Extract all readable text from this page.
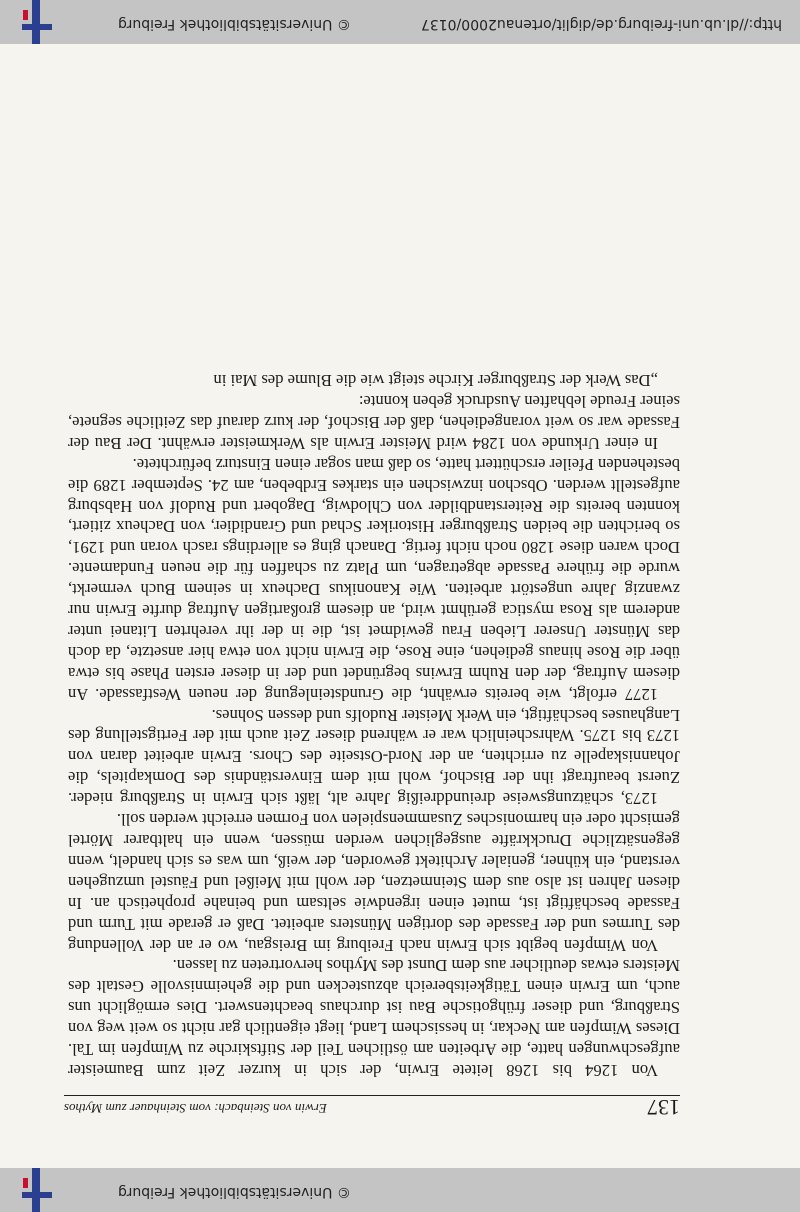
© Universitätsbibliothek Freiburg
137
Erwin von Steinbach: vom Steinhauer zum Mythos

Von 1264 bis 1268 leitete Erwin, der sich in kurzer Zeit zum Baumeister aufgeschwungen hatte, die Arbeiten am östlichen Teil der Stiftskirche zu Wimpfen im Tal. Dieses Wimpfen am Neckar, in hessischem Land, liegt eigentlich gar nicht so weit weg von Straßburg, und dieser frühgotische Bau ist durchaus beachtenswert. Dies ermöglicht uns auch, um Erwin einen Tätigkeitsbereich abzustecken und die geheimnisvolle Gestalt des Meisters etwas deutlicher aus dem Dunst des Mythos hervortreten zu lassen.

Von Wimpfen begibt sich Erwin nach Freiburg im Breisgau, wo er an der Vollendung des Turmes und der Fassade des dortigen Münsters arbeitet. Daß er gerade mit Turm und Fassade beschäftigt ist, mutet einen irgendwie seltsam und beinahe prophetisch an. In diesen Jahren ist also aus dem Steinmetzen, der wohl mit Meißel und Fäustel umzugehen verstand, ein kühner, genialer Architekt geworden, der weiß, um was es sich handelt, wenn gegensätzliche Druckkräfte ausgeglichen werden müssen, wenn ein haltbarer Mörtel gemischt oder ein harmonisches Zusammenspielen von Formen erreicht werden soll.

1273, schätzungsweise dreiunddreißig Jahre alt, läßt sich Erwin in Straßburg nieder. Zuerst beauftragt ihn der Bischof, wohl mit dem Einverständnis des Domkapitels, die Johanniskapelle zu errichten, an der Nord-Ostseite des Chors. Erwin arbeitet daran von 1273 bis 1275. Wahrscheinlich war er während dieser Zeit auch mit der Fertigstellung des Langhauses beschäftigt, ein Werk Meister Rudolfs und dessen Sohnes.

1277 erfolgt, wie bereits erwähnt, die Grundsteinlegung der neuen Westfassade. An diesem Auftrag, der den Ruhm Erwins begründet und der in dieser ersten Phase bis etwa über die Rose hinaus gediehen, eine Rose, die Erwin nicht von etwa hier ansetzte, da doch das Münster Unserer Lieben Frau gewidmet ist, die in der ihr verehrten Litanei unter anderem als Rosa mystica gerühmt wird, an diesem großartigen Auftrag durfte Erwin nur zwanzig Jahre ungestört arbeiten. Wie Kanonikus Dacheux in seinem Buch vermerkt, wurde die frühere Passade abgetragen, um Platz zu schaffen für die neuen Fundamente. Doch waren diese 1280 noch nicht fertig. Danach ging es allerdings rasch voran und 1291, so berichten die beiden Straßburger Historiker Schad und Grandidier, von Dacheux zitiert, konnten bereits die Reiterstandbilder von Chlodwig, Dagobert und Rudolf von Habsburg aufgestellt werden. Obschon inzwischen ein starkes Erdbeben, am 24. September 1289 die bestehenden Pfeiler erschüttert hatte, so daß man sogar einen Einsturz befürchtete.

In einer Urkunde von 1284 wird Meister Erwin als Werkmeister erwähnt. Der Bau der Fassade war so weit vorangediehen, daß der Bischof, der kurz darauf das Zeitliche segnete, seiner Freude lebhaften Ausdruck geben konnte:

„Das Werk der Straßburger Kirche steigt wie die Blume des Mai in

http://dl.ub.uni-freiburg.de/diglit/ortenau2000/0137
© Universitätsbibliothek Freiburg
